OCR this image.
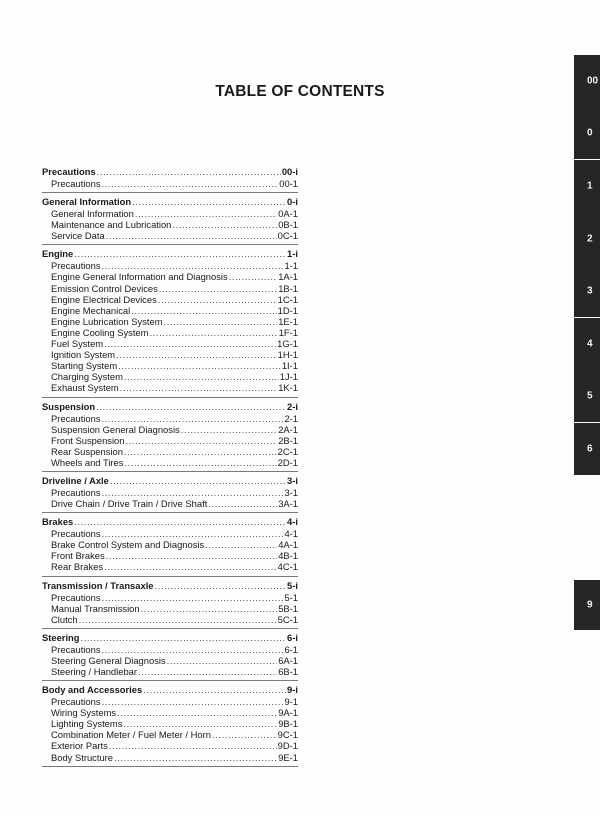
TABLE OF CONTENTS
Precautions .....	00-i
Precautions .....	00-1
General Information .....	0-i
General Information .....	0A-1
Maintenance and Lubrication .....	0B-1
Service Data .....	0C-1
Engine .....	1-i
Precautions .....	1-1
Engine General Information and Diagnosis .....	1A-1
Emission Control Devices .....	1B-1
Engine Electrical Devices .....	1C-1
Engine Mechanical .....	1D-1
Engine Lubrication System .....	1E-1
Engine Cooling System .....	1F-1
Fuel System .....	1G-1
Ignition System .....	1H-1
Starting System .....	1I-1
Charging System .....	1J-1
Exhaust System .....	1K-1
Suspension .....	2-i
Precautions .....	2-1
Suspension General Diagnosis .....	2A-1
Front Suspension .....	2B-1
Rear Suspension .....	2C-1
Wheels and Tires .....	2D-1
Driveline / Axle .....	3-i
Precautions .....	3-1
Drive Chain / Drive Train / Drive Shaft .....	3A-1
Brakes .....	4-i
Precautions .....	4-1
Brake Control System and Diagnosis .....	4A-1
Front Brakes .....	4B-1
Rear Brakes .....	4C-1
Transmission / Transaxle .....	5-i
Precautions .....	5-1
Manual Transmission .....	5B-1
Clutch .....	5C-1
Steering .....	6-i
Precautions .....	6-1
Steering General Diagnosis .....	6A-1
Steering / Handlebar .....	6B-1
Body and Accessories .....	9-i
Precautions .....	9-1
Wiring Systems .....	9A-1
Lighting Systems .....	9B-1
Combination Meter / Fuel Meter / Horn .....	9C-1
Exterior Parts .....	9D-1
Body Structure .....	9E-1
00
0
1
2
3
4
5
6
9
